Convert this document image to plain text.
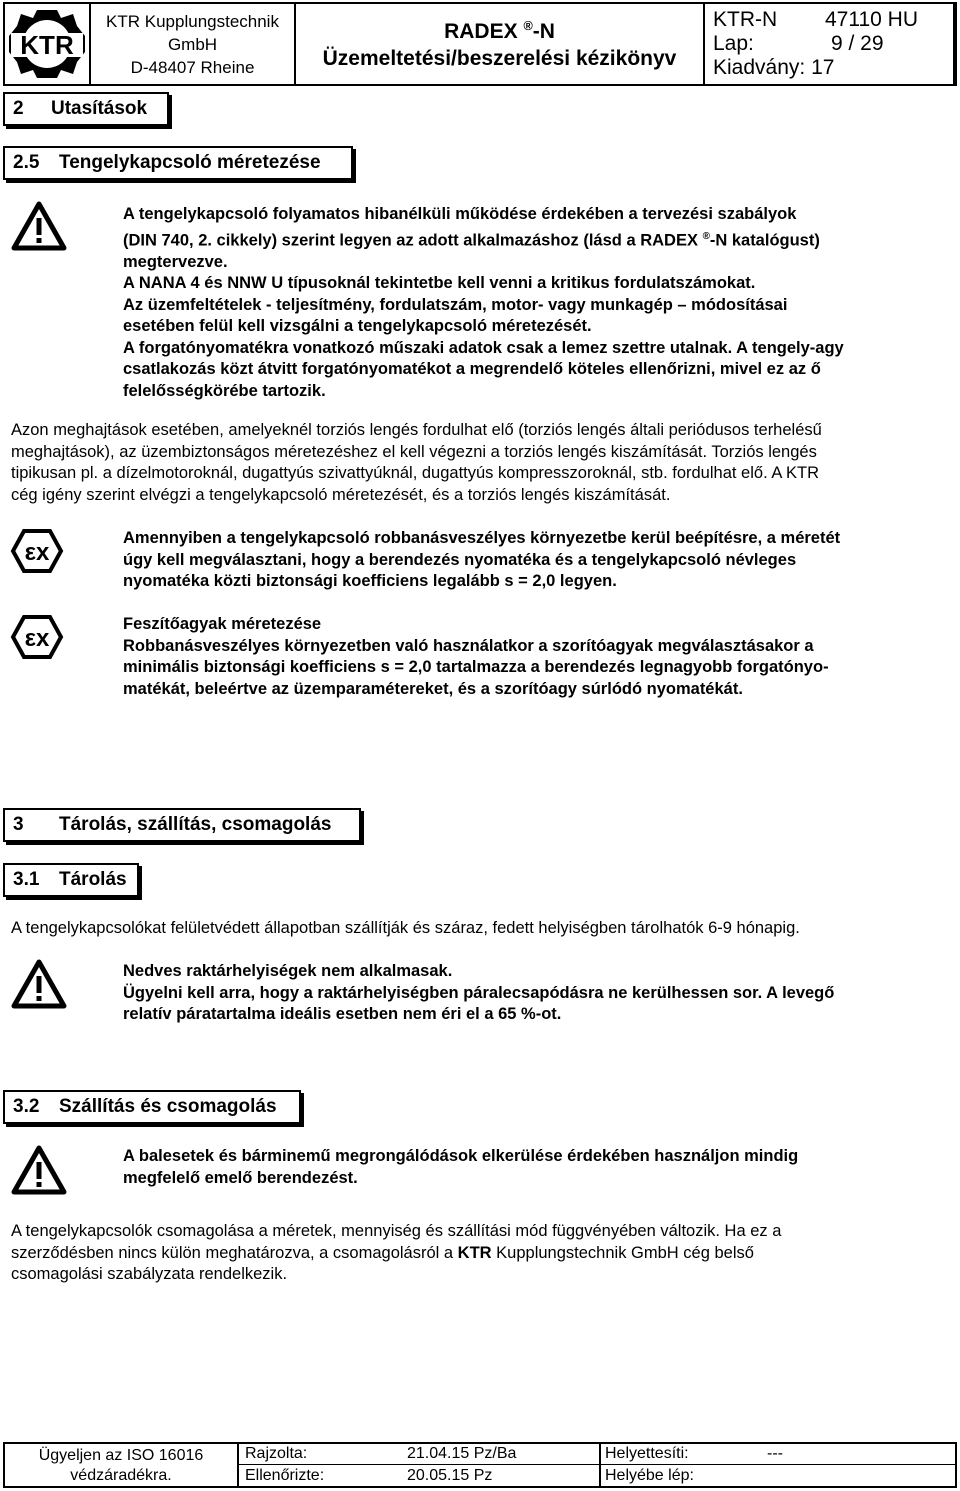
KTR
KTR Kupplungstechnik
GmbH
D-48407 Rheine
RADEX ®-N
Üzemeltetési/beszerelési kézikönyv
KTR-N 47110 HU
Lap:	9 / 29
Kiadvány: 17
2 Utasítások
2.5 Tengelykapcsoló méretezése

A tengelykapcsoló folyamatos hibanélküli működése érdekében a tervezési szabályok

(DIN 740, 2. cikkely) szerint legyen az adott alkalmazáshoz (lásd a RADEX ®-N katalógust)

megtervezve.

A NANA 4 és NNW U típusoknál tekintetbe kell venni a kritikus fordulatszámokat.

Az üzemfeltételek - teljesítmény, fordulatszám, motor- vagy munkagép – módosításai

esetében felül kell vizsgálni a tengelykapcsoló méretezését.

A forgatónyomatékra vonatkozó műszaki adatok csak a lemez szettre utalnak. A tengely-agy

csatlakozás közt átvitt forgatónyomatékot a megrendelő köteles ellenőrizni, mivel ez az ő

felelősségkörébe tartozik.

Azon meghajtások esetében, amelyeknél torziós lengés fordulhat elő (torziós lengés általi periódusos terhelésű

meghajtások), az üzembiztonságos méretezéshez el kell végezni a torziós lengés kiszámítását. Torziós lengés

tipikusan pl. a dízelmotoroknál, dugattyús szivattyúknál, dugattyús kompresszoroknál, stb. fordulhat elő. A KTR

cég igény szerint elvégzi a tengelykapcsoló méretezését, és a torziós lengés kiszámítását.

εx

Amennyiben a tengelykapcsoló robbanásveszélyes környezetbe kerül beépítésre, a méretét

úgy kell megválasztani, hogy a berendezés nyomatéka és a tengelykapcsoló névleges

nyomatéka közti biztonsági koefficiens legalább s = 2,0 legyen.

εx

Feszítőagyak méretezése

Robbanásveszélyes környezetben való használatkor a szorítóagyak megválasztásakor a

minimális biztonsági koefficiens s = 2,0 tartalmazza a berendezés legnagyobb forgatónyo-

matékát, beleértve az üzemparamétereket, és a szorítóagy súrlódó nyomatékát.

3 Tárolás, szállítás, csomagolás
3.1 Tárolás

A tengelykapcsolókat felületvédett állapotban szállítják és száraz, fedett helyiségben tárolhatók 6-9 hónapig.

Nedves raktárhelyiségek nem alkalmasak.

Ügyelni kell arra, hogy a raktárhelyiségben páralecsapódásra ne kerülhessen sor. A levegő

relatív páratartalma ideális esetben nem éri el a 65 %-ot.

3.2 Szállítás és csomagolás

A balesetek és bárminemű megrongálódások elkerülése érdekében használjon mindig

megfelelő emelő berendezést.

A tengelykapcsolók csomagolása a méretek, mennyiség és szállítási mód függvényében változik. Ha ez a

szerződésben nincs külön meghatározva, a csomagolásról a KTR Kupplungstechnik GmbH cég belső

csomagolási szabályzata rendelkezik.

Ügyeljen az ISO 16016
védzáradékra.
Rajzolta:	21.04.15 Pz/Ba
Ellenőrizte:	20.05.15 Pz
Helyettesíti:	---
Helyébe lép:
